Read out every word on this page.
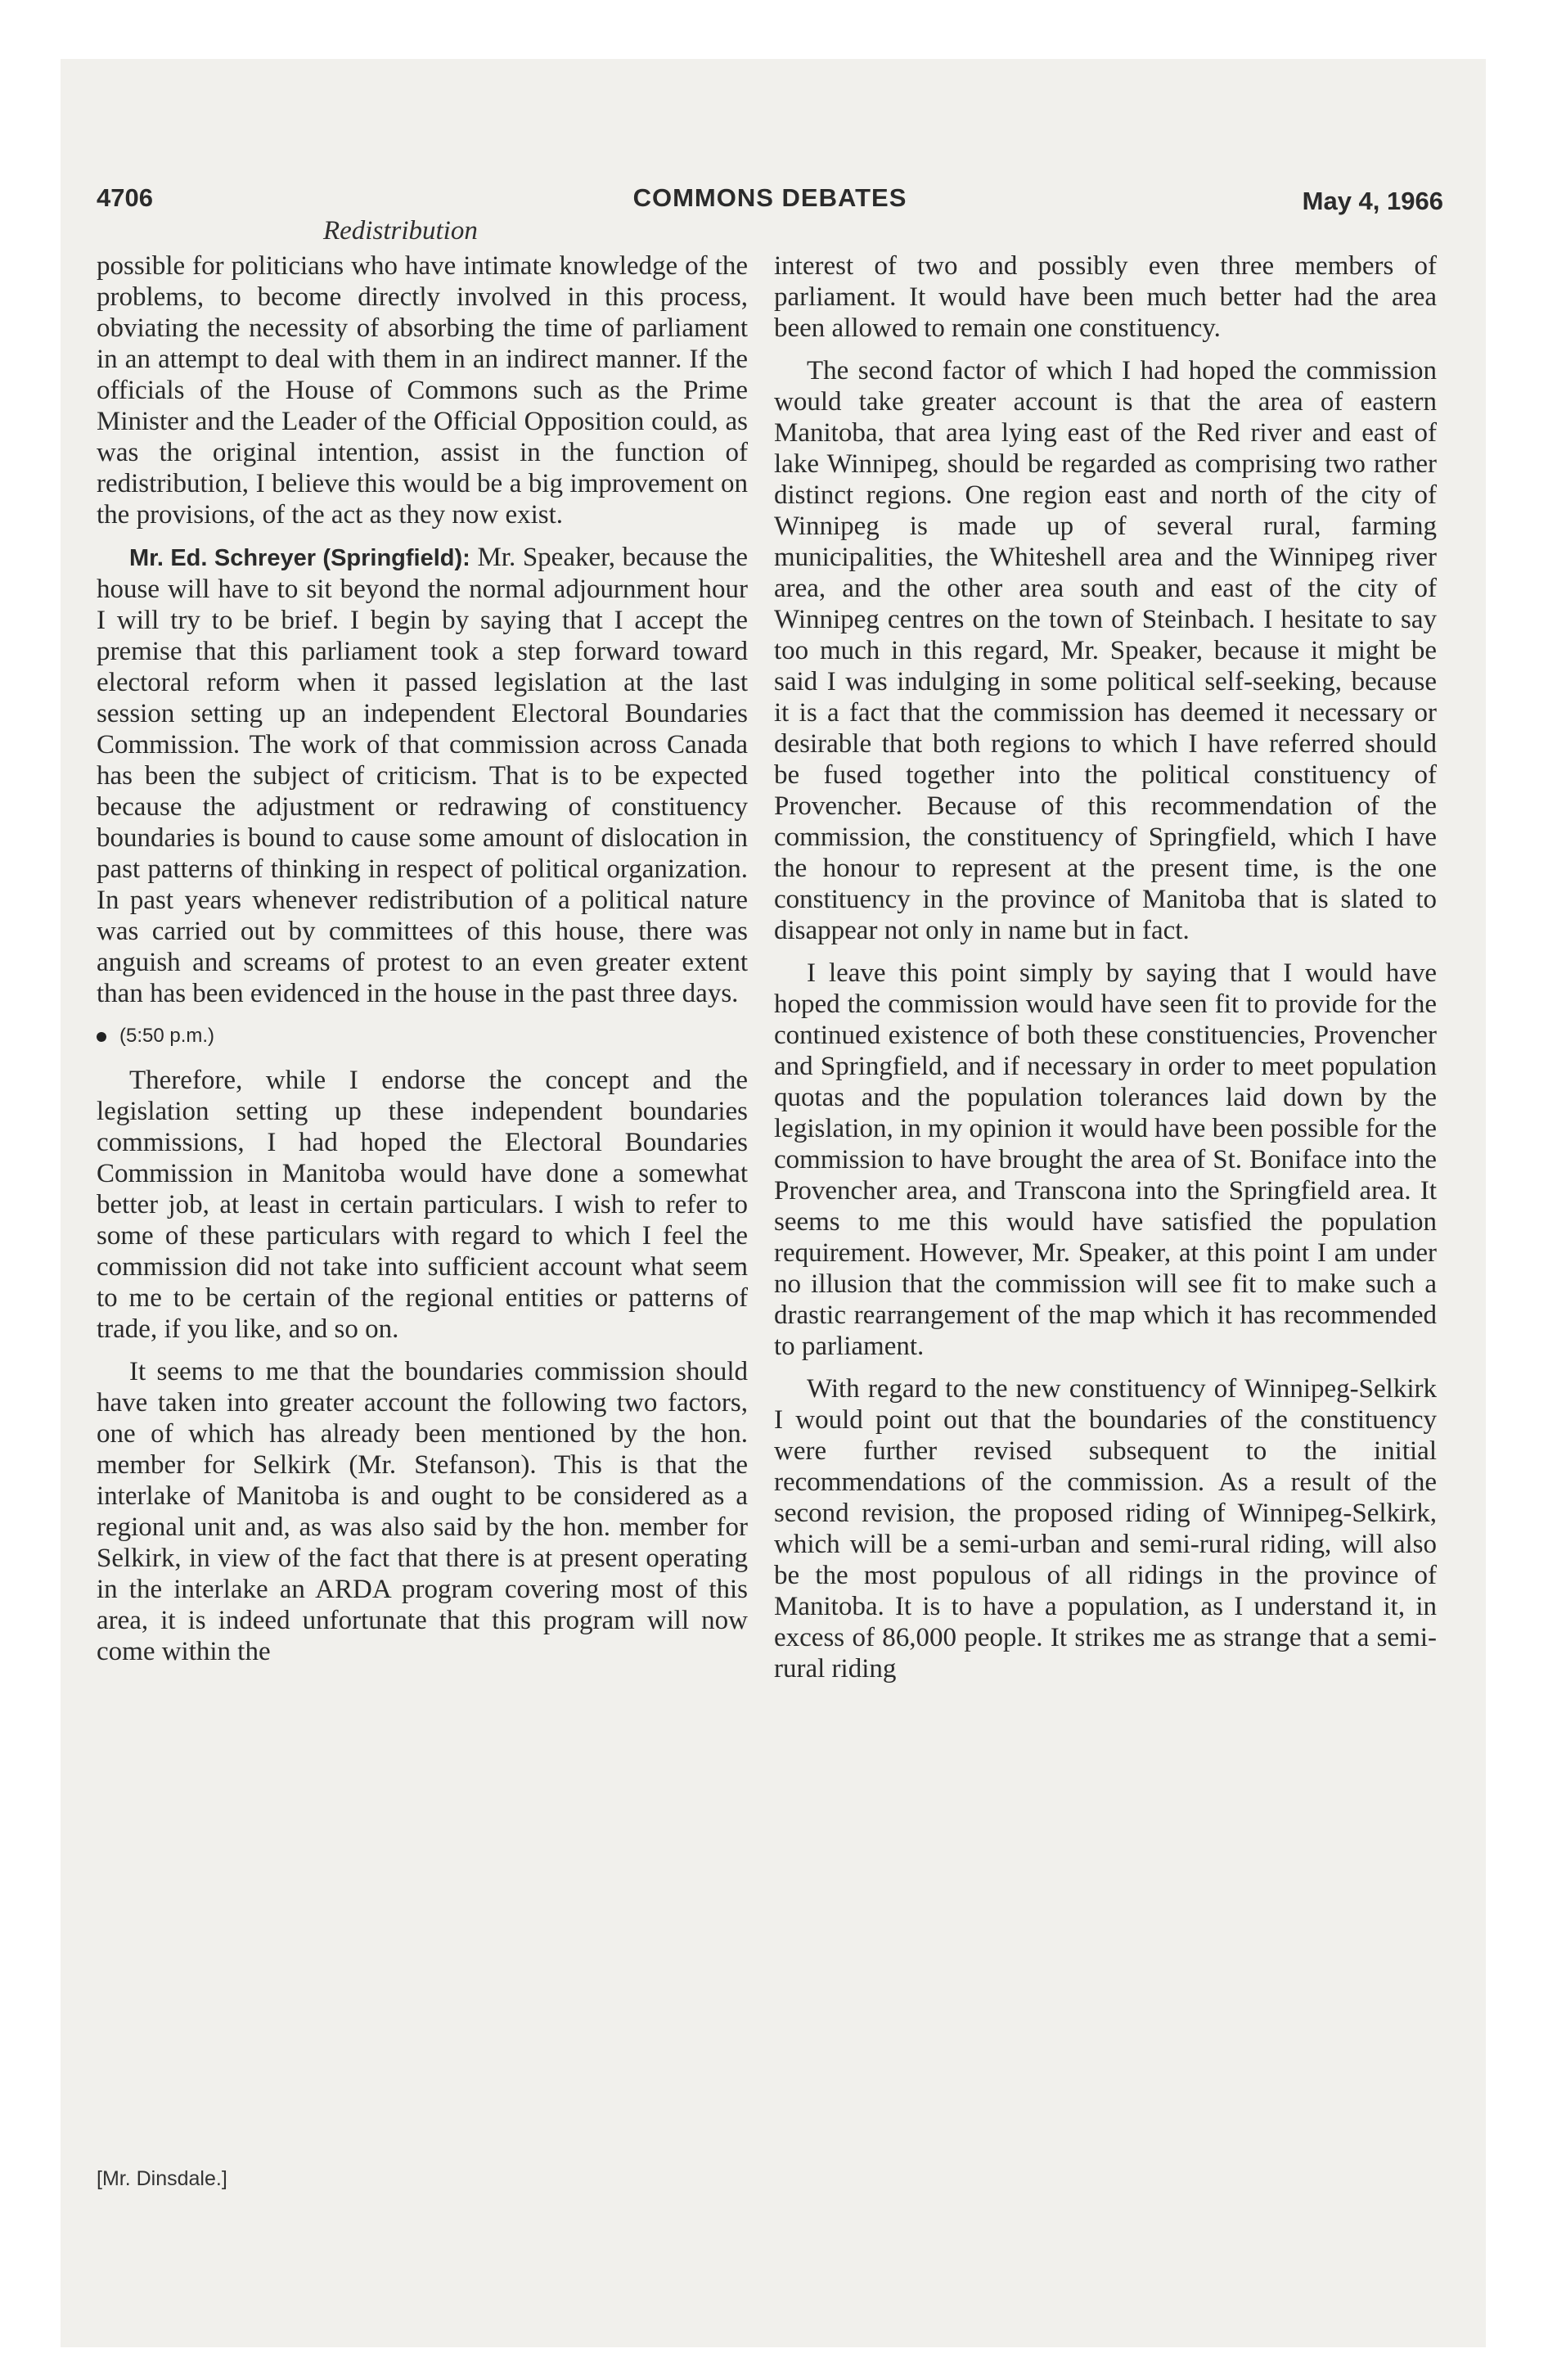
4706	COMMONS DEBATES	May 4, 1966
Redistribution

possible for politicians who have intimate knowledge of the problems, to become directly involved in this process, obviating the necessity of absorbing the time of parliament in an attempt to deal with them in an indirect manner. If the officials of the House of Commons such as the Prime Minister and the Leader of the Official Opposition could, as was the original intention, assist in the function of redistribution, I believe this would be a big improvement on the provisions, of the act as they now exist.

Mr. Ed. Schreyer (Springfield): Mr. Speaker, because the house will have to sit beyond the normal adjournment hour I will try to be brief. I begin by saying that I accept the premise that this parliament took a step forward toward electoral reform when it passed legislation at the last session setting up an independent Electoral Boundaries Commission. The work of that commission across Canada has been the subject of criticism. That is to be expected because the adjustment or redrawing of constituency boundaries is bound to cause some amount of dislocation in past patterns of thinking in respect of political organization. In past years whenever redistribution of a political nature was carried out by committees of this house, there was anguish and screams of protest to an even greater extent than has been evidenced in the house in the past three days.

(5:50 p.m.)

Therefore, while I endorse the concept and the legislation setting up these independent boundaries commissions, I had hoped the Electoral Boundaries Commission in Manitoba would have done a somewhat better job, at least in certain particulars. I wish to refer to some of these particulars with regard to which I feel the commission did not take into sufficient account what seem to me to be certain of the regional entities or patterns of trade, if you like, and so on.

It seems to me that the boundaries commission should have taken into greater account the following two factors, one of which has already been mentioned by the hon. member for Selkirk (Mr. Stefanson). This is that the interlake of Manitoba is and ought to be considered as a regional unit and, as was also said by the hon. member for Selkirk, in view of the fact that there is at present operating in the interlake an ARDA program covering most of this area, it is indeed unfortunate that this program will now come within the

interest of two and possibly even three members of parliament. It would have been much better had the area been allowed to remain one constituency.

The second factor of which I had hoped the commission would take greater account is that the area of eastern Manitoba, that area lying east of the Red river and east of lake Winnipeg, should be regarded as comprising two rather distinct regions. One region east and north of the city of Winnipeg is made up of several rural, farming municipalities, the Whiteshell area and the Winnipeg river area, and the other area south and east of the city of Winnipeg centres on the town of Steinbach. I hesitate to say too much in this regard, Mr. Speaker, because it might be said I was indulging in some political self-seeking, because it is a fact that the commission has deemed it necessary or desirable that both regions to which I have referred should be fused together into the political constituency of Provencher. Because of this recommendation of the commission, the constituency of Springfield, which I have the honour to represent at the present time, is the one constituency in the province of Manitoba that is slated to disappear not only in name but in fact.

I leave this point simply by saying that I would have hoped the commission would have seen fit to provide for the continued existence of both these constituencies, Provencher and Springfield, and if necessary in order to meet population quotas and the population tolerances laid down by the legislation, in my opinion it would have been possible for the commission to have brought the area of St. Boniface into the Provencher area, and Transcona into the Springfield area. It seems to me this would have satisfied the population requirement. However, Mr. Speaker, at this point I am under no illusion that the commission will see fit to make such a drastic rearrangement of the map which it has recommended to parliament.

With regard to the new constituency of Winnipeg-Selkirk I would point out that the boundaries of the constituency were further revised subsequent to the initial recommendations of the commission. As a result of the second revision, the proposed riding of Winnipeg-Selkirk, which will be a semi-urban and semi-rural riding, will also be the most populous of all ridings in the province of Manitoba. It is to have a population, as I understand it, in excess of 86,000 people. It strikes me as strange that a semi-rural riding

[Mr. Dinsdale.]
